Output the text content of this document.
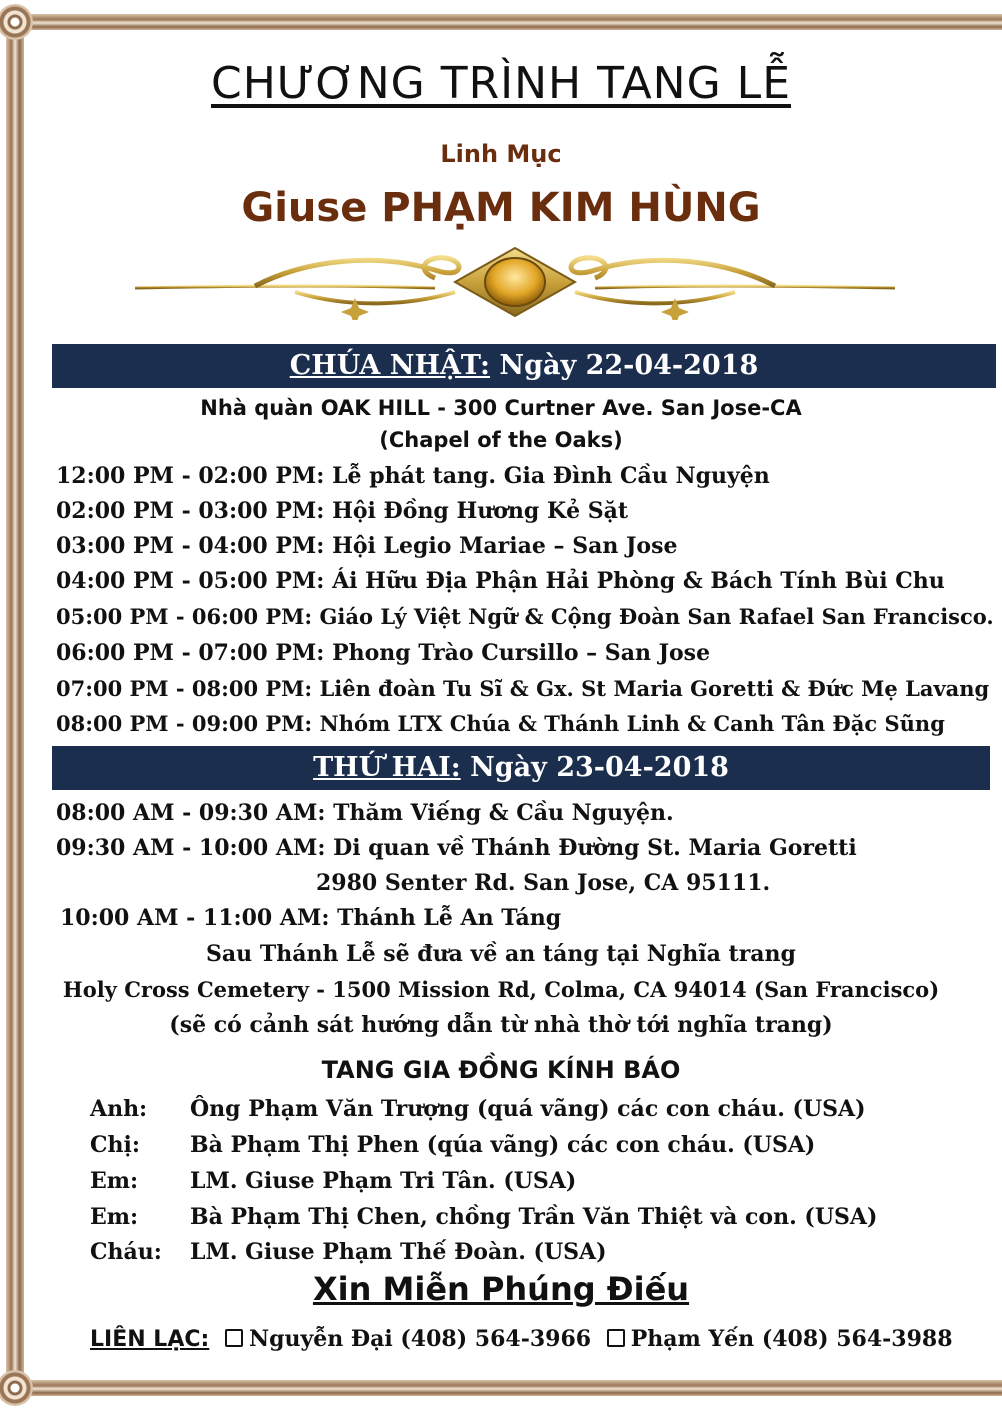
CHƯƠNG TRÌNH TANG LỄ
Linh Mục
Giuse PHẠM KIM HÙNG
CHÚA NHẬT: Ngày 22-04-2018
Nhà quàn OAK HILL - 300 Curtner Ave. San Jose-CA
(Chapel of the Oaks)
12:00 PM - 02:00 PM: Lễ phát tang. Gia Đình Cầu Nguyện
02:00 PM - 03:00 PM: Hội Đồng Hương Kẻ Sặt
03:00 PM - 04:00 PM: Hội Legio Mariae – San Jose
04:00 PM - 05:00 PM: Ái Hữu Địa Phận Hải Phòng & Bách Tính Bùi Chu
05:00 PM - 06:00 PM: Giáo Lý Việt Ngữ & Cộng Đoàn San Rafael San Francisco.
06:00 PM - 07:00 PM: Phong Trào Cursillo – San Jose
07:00 PM - 08:00 PM: Liên đoàn Tu Sĩ & Gx. St Maria Goretti & Đức Mẹ Lavang
08:00 PM - 09:00 PM: Nhóm LTX Chúa & Thánh Linh & Canh Tân Đặc Sũng
THỨ HAI: Ngày 23-04-2018
08:00 AM - 09:30 AM: Thăm Viếng & Cầu Nguyện.
09:30 AM - 10:00 AM: Di quan về Thánh Đường St. Maria Goretti
2980 Senter Rd. San Jose, CA 95111.
10:00 AM - 11:00 AM: Thánh Lễ An Táng
Sau Thánh Lễ sẽ đưa về an táng tại Nghĩa trang
Holy Cross Cemetery - 1500 Mission Rd, Colma, CA 94014 (San Francisco)
(sẽ có cảnh sát hướng dẫn từ nhà thờ tới nghĩa trang)
TANG GIA ĐỒNG KÍNH BÁO
Anh: Ông Phạm Văn Trượng (quá vãng) các con cháu. (USA)
Chị: Bà Phạm Thị Phen (qúa vãng) các con cháu. (USA)
Em: LM. Giuse Phạm Tri Tân. (USA)
Em: Bà Phạm Thị Chen, chồng Trần Văn Thiệt và con. (USA)
Cháu: LM. Giuse Phạm Thế Đoàn. (USA)
Xin Miễn Phúng Điếu
LIÊN LẠC: Nguyễn Đại (408) 564-3966 Phạm Yến (408) 564-3988
